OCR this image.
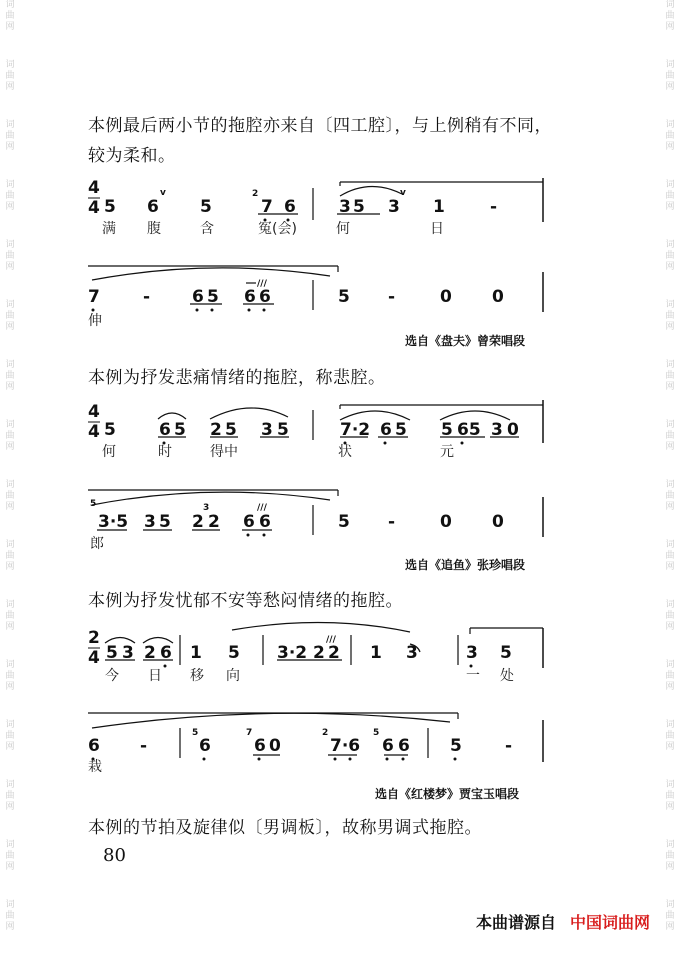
词
曲
网
词
曲
网
词
曲
网
词
曲
网
词
曲
网
词
曲
网
词
曲
网
词
曲
网
词
曲
网
词
曲
网
词
曲
网
词
曲
网
词
曲
网
词
曲
网
词
曲
网
词
曲
网
词
曲
网
词
曲
网
词
曲
网
词
曲
网
词
曲
网
词
曲
网
词
曲
网
词
曲
网
词
曲
网
词
曲
网
词
曲
网
词
曲
网
词
曲
网
词
曲
网
词
曲
网
词
曲
网
本例最后两小节的拖腔亦来自〔四工腔〕，与上例稍有不同，
较为柔和。
本例为抒发悲痛情绪的拖腔，称悲腔。
本例为抒发忧郁不安等愁闷情绪的拖腔。
本例的节拍及旋律似〔男调板〕，故称男调式拖腔。
选自《盘夫》曾荣唱段
选自《追鱼》张珍唱段
选自《红楼梦》贾宝玉唱段
80
本曲谱源自 中国词曲网
4
4 5 6
v
5
2
7 6	3 5 3
v
1	-
满 腹	含	冤(会)	何	日
7	- 6 5 6 6
///
5 -	0 0
伸
4
4 5	6 5 2 5 3 5	7·2 6 5 5 65 3 0
何	时	得中	状	元
5
3·5 3 5 2
3
2 6 6
///
5 -	0 0
郎
2
4 5 3 2 6 1 5 3·2 2 2
///
1 3	3 5
今 日 移 向	一 处
6 -
5
6
7
6 0
2
7·6
5
6 6 5	-
栽
